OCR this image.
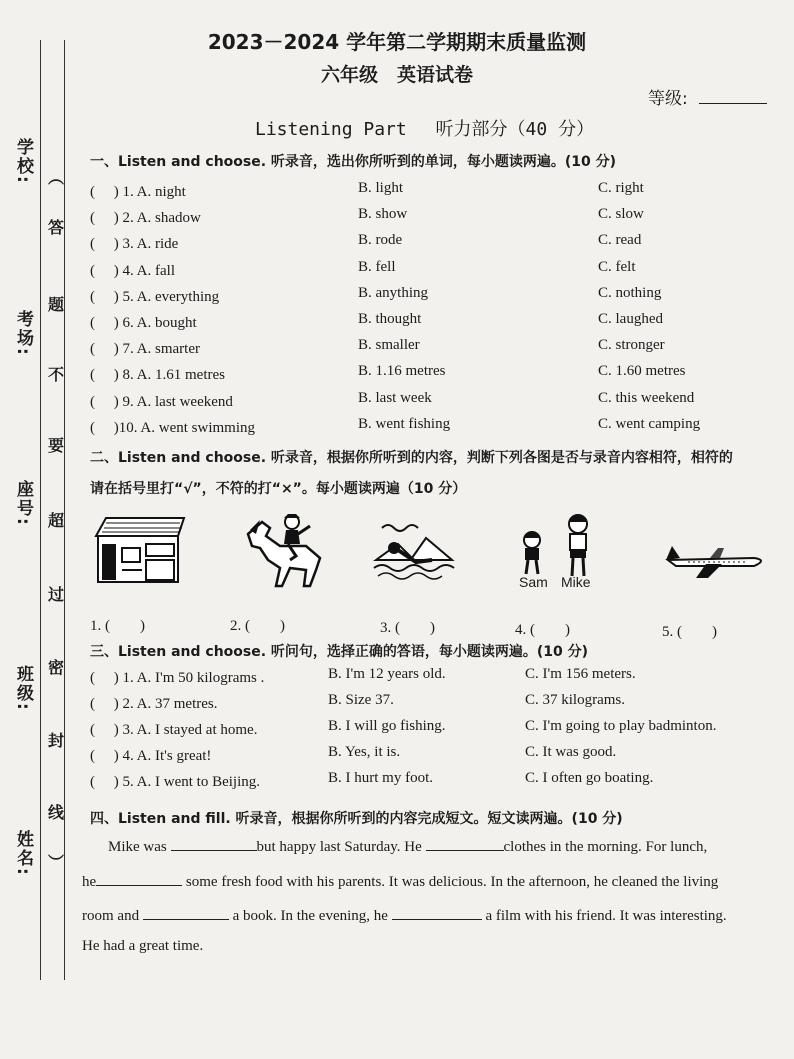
学校:
考场:
座号:
班级:
姓名:
︵
答
题
不
要
超
过
密
封
线
︶
2023－2024 学年第二学期期末质量监测
六年级　英语试卷
等级:
Listening Part　 听力部分（40 分）
一、Listen and choose. 听录音，选出你所听到的单词，每小题读两遍。(10 分)
(　 ) 1. A. night	B. light	C. right
(　 ) 2. A. shadow	B. show	C. slow
(　 ) 3. A. ride	B. rode	C. read
(　 ) 4. A. fall	B. fell	C. felt
(　 ) 5. A. everything	B. anything	C. nothing
(　 ) 6. A. bought	B. thought	C. laughed
(　 ) 7. A. smarter	B. smaller	C. stronger
(　 ) 8. A. 1.61 metres	B. 1.16 metres	C. 1.60 metres
(　 ) 9. A. last weekend	B. last week	C. this weekend
(　 )10. A. went swimming	B. went fishing	C. went camping
二、Listen and choose. 听录音，根据你所听到的内容，判断下列各图是否与录音内容相符，相符的
请在括号里打“√”，不符的打“×”。每小题读两遍（10 分）
Sam Mike
1. (　　)	2. (　　)	3. (　　)	4. (　　)	5. (　　)
三、Listen and choose. 听问句，选择正确的答语，每小题读两遍。(10 分)
(　 ) 1. A. I'm 50 kilograms .	B. I'm 12 years old.	C. I'm 156 meters.
(　 ) 2. A. 37 metres.	B. Size 37.	C. 37 kilograms.
(　 ) 3. A. I stayed at home.	B. I will go fishing.	C. I'm going to play badminton.
(　 ) 4. A. It's great!	B. Yes, it is.	C. It was good.
(　 ) 5. A. I went to Beijing.	B. I hurt my foot.	C. I often go boating.
四、Listen and fill. 听录音，根据你所听到的内容完成短文。短文读两遍。(10 分)
Mike was	but happy last Saturday. He	clothes in the morning. For lunch,
he	some fresh food with his parents. It was delicious. In the afternoon, he cleaned the living
room and	a book. In the evening, he	a film with his friend. It was interesting.
He had a great time.
